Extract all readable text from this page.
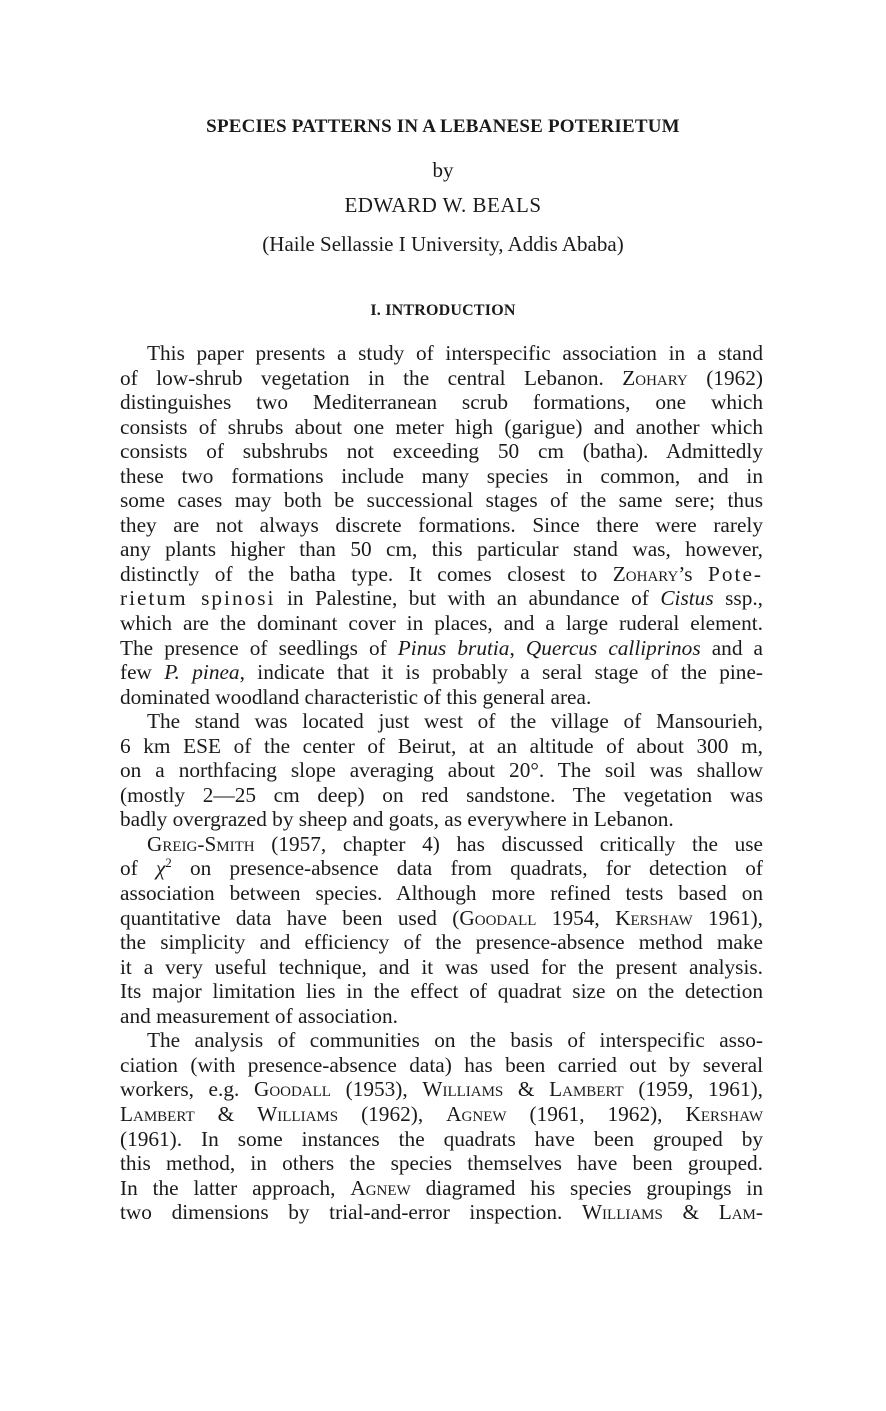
SPECIES PATTERNS IN A LEBANESE POTERIETUM
by
EDWARD W. BEALS
(Haile Sellassie I University, Addis Ababa)
I. INTRODUCTION
This paper presents a study of interspecific association in a stand
of low-shrub vegetation in the central Lebanon. Zohary (1962)
distinguishes two Mediterranean scrub formations, one which
consists of shrubs about one meter high (garigue) and another which
consists of subshrubs not exceeding 50 cm (batha). Admittedly
these two formations include many species in common, and in
some cases may both be successional stages of the same sere; thus
they are not always discrete formations. Since there were rarely
any plants higher than 50 cm, this particular stand was, however,
distinctly of the batha type. It comes closest to Zohary’s Pote-
rietum spinosi in Palestine, but with an abundance of Cistus ssp.,
which are the dominant cover in places, and a large ruderal element.
The presence of seedlings of Pinus brutia, Quercus calliprinos and a
few P. pinea, indicate that it is probably a seral stage of the pine-
dominated woodland characteristic of this general area.
The stand was located just west of the village of Mansourieh,
6 km ESE of the center of Beirut, at an altitude of about 300 m,
on a northfacing slope averaging about 20°. The soil was shallow
(mostly 2—25 cm deep) on red sandstone. The vegetation was
badly overgrazed by sheep and goats, as everywhere in Lebanon.
Greig-Smith (1957, chapter 4) has discussed critically the use
of $\chi^2$ on presence-absence data from quadrats, for detection of
association between species. Although more refined tests based on
quantitative data have been used (Goodall 1954, Kershaw 1961),
the simplicity and efficiency of the presence-absence method make
it a very useful technique, and it was used for the present analysis.
Its major limitation lies in the effect of quadrat size on the detection
and measurement of association.
The analysis of communities on the basis of interspecific asso-
ciation (with presence-absence data) has been carried out by several
workers, e.g. Goodall (1953), Williams & Lambert (1959, 1961),
Lambert & Williams (1962), Agnew (1961, 1962), Kershaw
(1961). In some instances the quadrats have been grouped by
this method, in others the species themselves have been grouped.
In the latter approach, Agnew diagramed his species groupings in
two dimensions by trial-and-error inspection. Williams & Lam-
